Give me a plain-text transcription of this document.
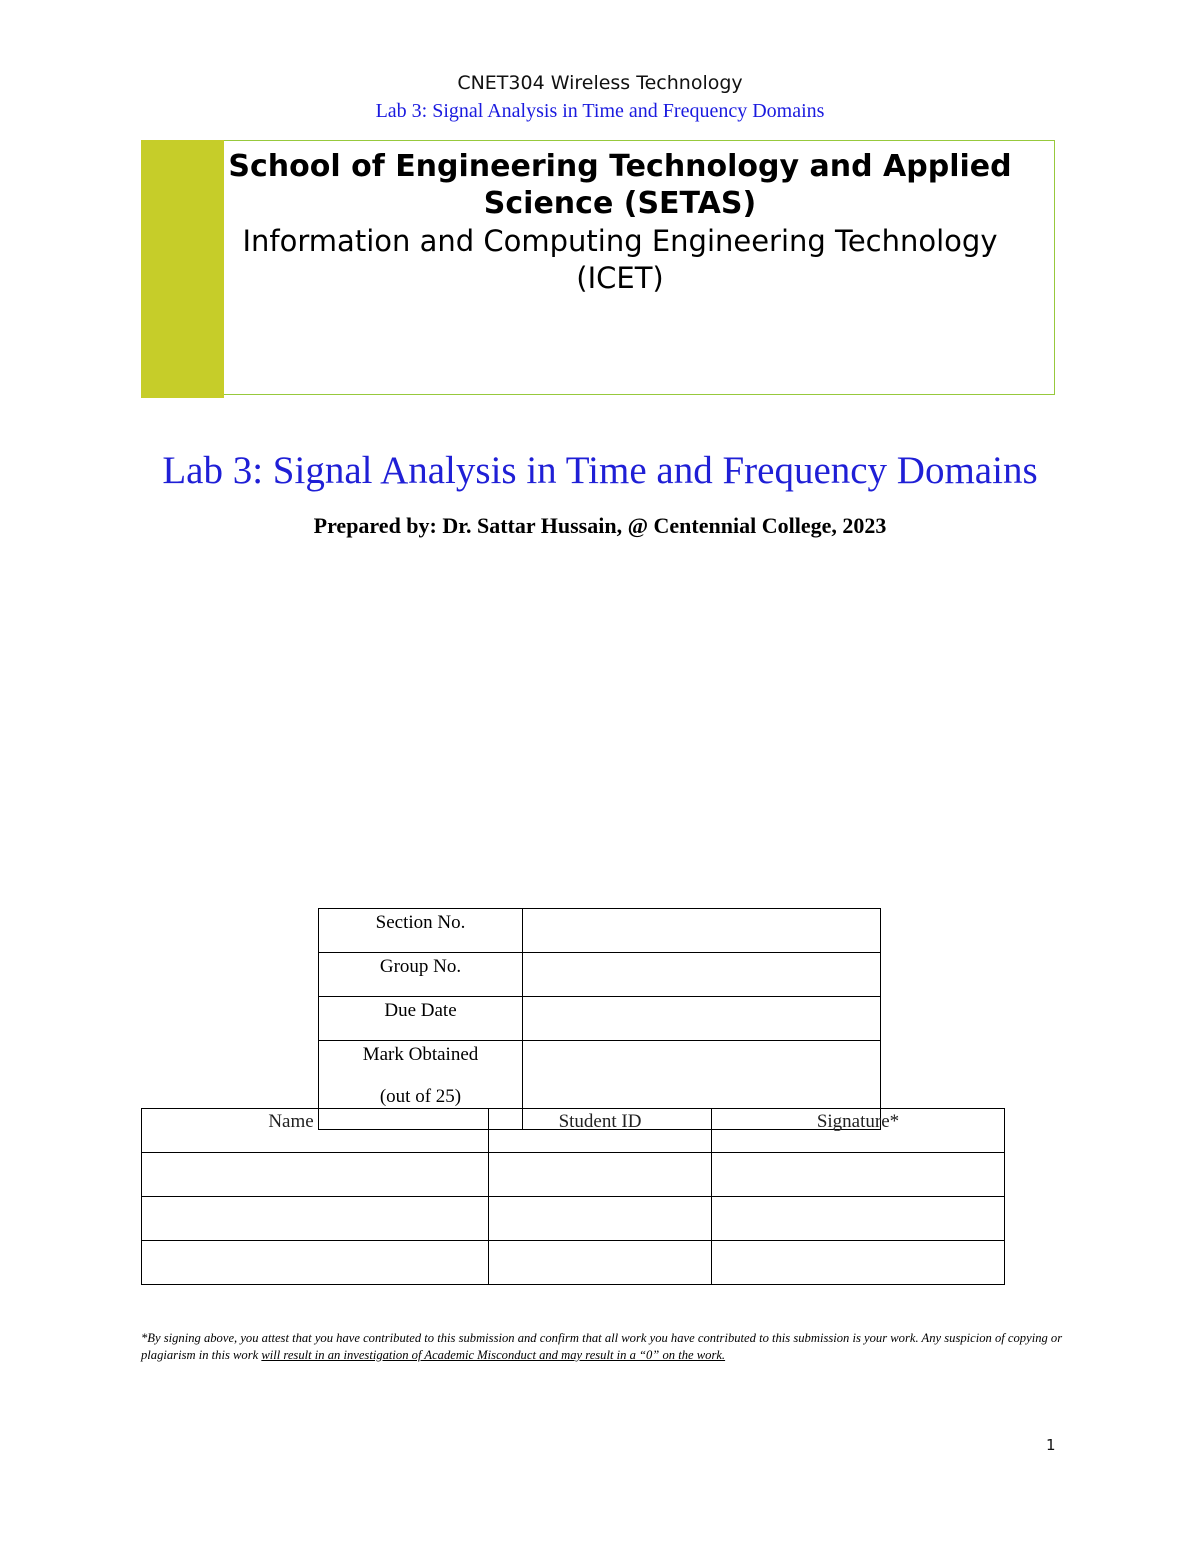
CNET304 Wireless Technology
Lab 3: Signal Analysis in Time and Frequency Domains
School of Engineering Technology and Applied
Science (SETAS)
Information and Computing Engineering Technology
(ICET)
Lab 3: Signal Analysis in Time and Frequency Domains
Prepared by: Dr. Sattar Hussain, @ Centennial College, 2023
Section No.	
Group No.	
Due Date	
Mark Obtained
(out of 25)	

Name	Student ID	Signature*

*By signing above, you attest that you have contributed to this submission and confirm that all work you have contributed to this submission is your work. Any suspicion of copying or plagiarism in this work will result in an investigation of Academic Misconduct and may result in a “0” on the work.
1
